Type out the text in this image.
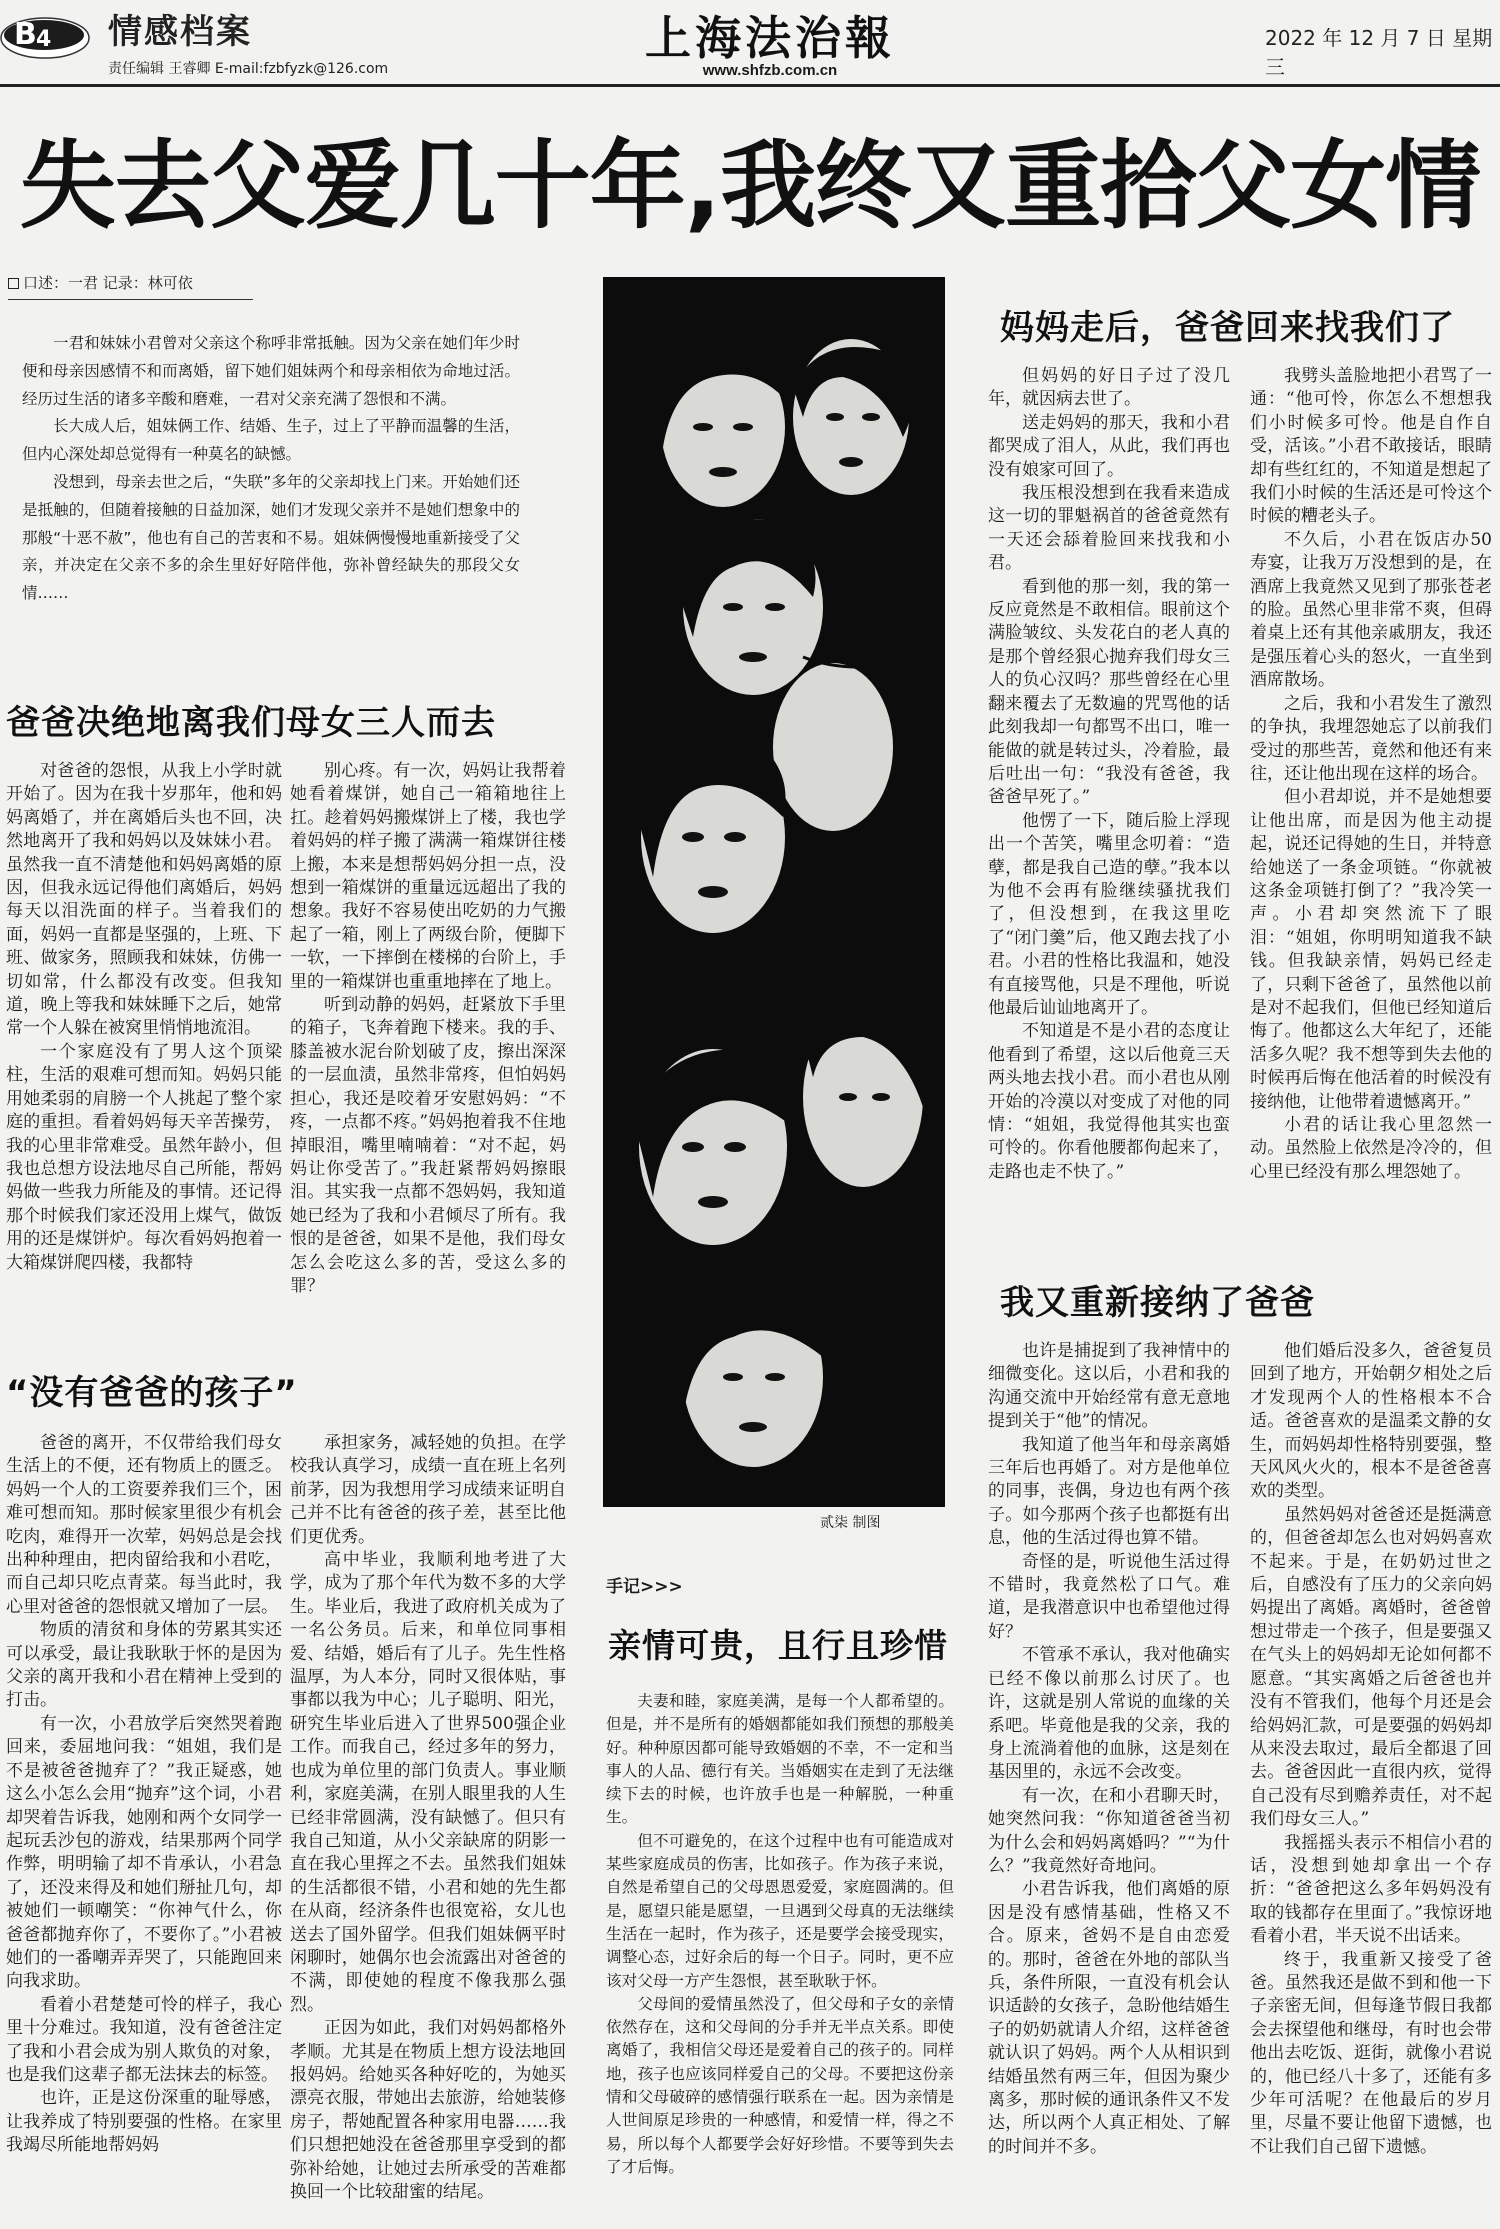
B 4 情感档案
责任编辑 王睿卿 E-mail:fzbfyzk@126.com
上海法治報
www.shfzb.com.cn
2022 年 12 月 7 日 星期三
失去父爱几十年,我终又重拾父女情
口述：一君 记录：林可依

一君和妹妹小君曾对父亲这个称呼非常抵触。因为父亲在她们年少时便和母亲因感情不和而离婚，留下她们姐妹两个和母亲相依为命地过活。经历过生活的诸多辛酸和磨难，一君对父亲充满了怨恨和不满。

长大成人后，姐妹俩工作、结婚、生子，过上了平静而温馨的生活，但内心深处却总觉得有一种莫名的缺憾。

没想到，母亲去世之后，“失联”多年的父亲却找上门来。开始她们还是抵触的，但随着接触的日益加深，她们才发现父亲并不是她们想象中的那般“十恶不赦”，他也有自己的苦衷和不易。姐妹俩慢慢地重新接受了父亲，并决定在父亲不多的余生里好好陪伴他，弥补曾经缺失的那段父女情……

爸爸决绝地离我们母女三人而去

对爸爸的怨恨，从我上小学时就开始了。因为在我十岁那年，他和妈妈离婚了，并在离婚后头也不回，决然地离开了我和妈妈以及妹妹小君。虽然我一直不清楚他和妈妈离婚的原因，但我永远记得他们离婚后，妈妈每天以泪洗面的样子。当着我们的面，妈妈一直都是坚强的，上班、下班、做家务，照顾我和妹妹，仿佛一切如常，什么都没有改变。但我知道，晚上等我和妹妹睡下之后，她常常一个人躲在被窝里悄悄地流泪。

一个家庭没有了男人这个顶梁柱，生活的艰难可想而知。妈妈只能用她柔弱的肩膀一个人挑起了整个家庭的重担。看着妈妈每天辛苦操劳，我的心里非常难受。虽然年龄小，但我也总想方设法地尽自己所能，帮妈妈做一些我力所能及的事情。还记得那个时候我们家还没用上煤气，做饭用的还是煤饼炉。每次看妈妈抱着一大箱煤饼爬四楼，我都特

别心疼。有一次，妈妈让我帮着她看着煤饼，她自己一箱箱地往上扛。趁着妈妈搬煤饼上了楼，我也学着妈妈的样子搬了满满一箱煤饼往楼上搬，本来是想帮妈妈分担一点，没想到一箱煤饼的重量远远超出了我的想象。我好不容易使出吃奶的力气搬起了一箱，刚上了两级台阶，便脚下一软，一下摔倒在楼梯的台阶上，手里的一箱煤饼也重重地摔在了地上。

听到动静的妈妈，赶紧放下手里的箱子，飞奔着跑下楼来。我的手、膝盖被水泥台阶划破了皮，擦出深深的一层血渍，虽然非常疼，但怕妈妈担心，我还是咬着牙安慰妈妈：“不疼，一点都不疼。”妈妈抱着我不住地掉眼泪，嘴里喃喃着：“对不起，妈妈让你受苦了。”我赶紧帮妈妈擦眼泪。其实我一点都不怨妈妈，我知道她已经为了我和小君倾尽了所有。我恨的是爸爸，如果不是他，我们母女怎么会吃这么多的苦，受这么多的罪？

“没有爸爸的孩子”

爸爸的离开，不仅带给我们母女生活上的不便，还有物质上的匮乏。妈妈一个人的工资要养我们三个，困难可想而知。那时候家里很少有机会吃肉，难得开一次荤，妈妈总是会找出种种理由，把肉留给我和小君吃，而自己却只吃点青菜。每当此时，我心里对爸爸的怨恨就又增加了一层。

物质的清贫和身体的劳累其实还可以承受，最让我耿耿于怀的是因为父亲的离开我和小君在精神上受到的打击。

有一次，小君放学后突然哭着跑回来，委屈地问我：“姐姐，我们是不是被爸爸抛弃了？”我正疑惑，她这么小怎么会用“抛弃”这个词，小君却哭着告诉我，她刚和两个女同学一起玩丢沙包的游戏，结果那两个同学作弊，明明输了却不肯承认，小君急了，还没来得及和她们掰扯几句，却被她们一顿嘲笑：“你神气什么，你爸爸都抛弃你了，不要你了。”小君被她们的一番嘲弄弄哭了，只能跑回来向我求助。

看着小君楚楚可怜的样子，我心里十分难过。我知道，没有爸爸注定了我和小君会成为别人欺负的对象，也是我们这辈子都无法抹去的标签。

也许，正是这份深重的耻辱感，让我养成了特别要强的性格。在家里我竭尽所能地帮妈妈

承担家务，减轻她的负担。在学校我认真学习，成绩一直在班上名列前茅，因为我想用学习成绩来证明自己并不比有爸爸的孩子差，甚至比他们更优秀。

高中毕业，我顺利地考进了大学，成为了那个年代为数不多的大学生。毕业后，我进了政府机关成为了一名公务员。后来，和单位同事相爱、结婚，婚后有了儿子。先生性格温厚，为人本分，同时又很体贴，事事都以我为中心；儿子聪明、阳光，研究生毕业后进入了世界500强企业工作。而我自己，经过多年的努力，也成为单位里的部门负责人。事业顺利，家庭美满，在别人眼里我的人生已经非常圆满，没有缺憾了。但只有我自己知道，从小父亲缺席的阴影一直在我心里挥之不去。虽然我们姐妹的生活都很不错，小君和她的先生都在从商，经济条件也很宽裕，女儿也送去了国外留学。但我们姐妹俩平时闲聊时，她偶尔也会流露出对爸爸的不满，即使她的程度不像我那么强烈。

正因为如此，我们对妈妈都格外孝顺。尤其是在物质上想方设法地回报妈妈。给她买各种好吃的，为她买漂亮衣服，带她出去旅游，给她装修房子，帮她配置各种家用电器……我们只想把她没在爸爸那里享受到的都弥补给她，让她过去所承受的苦难都换回一个比较甜蜜的结尾。

贰柒 制图
妈妈走后，爸爸回来找我们了

但妈妈的好日子过了没几年，就因病去世了。

送走妈妈的那天，我和小君都哭成了泪人，从此，我们再也没有娘家可回了。

我压根没想到在我看来造成这一切的罪魁祸首的爸爸竟然有一天还会舔着脸回来找我和小君。

看到他的那一刻，我的第一反应竟然是不敢相信。眼前这个满脸皱纹、头发花白的老人真的是那个曾经狠心抛弃我们母女三人的负心汉吗？那些曾经在心里翻来覆去了无数遍的咒骂他的话此刻我却一句都骂不出口，唯一能做的就是转过头，冷着脸，最后吐出一句：“我没有爸爸，我爸爸早死了。”

他愣了一下，随后脸上浮现出一个苦笑，嘴里念叨着：“造孽，都是我自己造的孽。”我本以为他不会再有脸继续骚扰我们了，但没想到，在我这里吃了“闭门羹”后，他又跑去找了小君。小君的性格比我温和，她没有直接骂他，只是不理他，听说他最后讪讪地离开了。

不知道是不是小君的态度让他看到了希望，这以后他竟三天两头地去找小君。而小君也从刚开始的冷漠以对变成了对他的同情：“姐姐，我觉得他其实也蛮可怜的。你看他腰都佝起来了，走路也走不快了。”

我劈头盖脸地把小君骂了一通：“他可怜，你怎么不想想我们小时候多可怜。他是自作自受，活该。”小君不敢接话，眼睛却有些红红的，不知道是想起了我们小时候的生活还是可怜这个时候的糟老头子。

不久后，小君在饭店办50寿宴，让我万万没想到的是，在酒席上我竟然又见到了那张苍老的脸。虽然心里非常不爽，但碍着桌上还有其他亲戚朋友，我还是强压着心头的怒火，一直坐到酒席散场。

之后，我和小君发生了激烈的争执，我埋怨她忘了以前我们受过的那些苦，竟然和他还有来往，还让他出现在这样的场合。

但小君却说，并不是她想要让他出席，而是因为他主动提起，说还记得她的生日，并特意给她送了一条金项链。“你就被这条金项链打倒了？”我冷笑一声。小君却突然流下了眼泪：“姐姐，你明明知道我不缺钱。但我缺亲情，妈妈已经走了，只剩下爸爸了，虽然他以前是对不起我们，但他已经知道后悔了。他都这么大年纪了，还能活多久呢？我不想等到失去他的时候再后悔在他活着的时候没有接纳他，让他带着遗憾离开。”

小君的话让我心里忽然一动。虽然脸上依然是冷冷的，但心里已经没有那么埋怨她了。

我又重新接纳了爸爸

也许是捕捉到了我神情中的细微变化。这以后，小君和我的沟通交流中开始经常有意无意地提到关于“他”的情况。

我知道了他当年和母亲离婚三年后也再婚了。对方是他单位的同事，丧偶，身边也有两个孩子。如今那两个孩子也都挺有出息，他的生活过得也算不错。

奇怪的是，听说他生活过得不错时，我竟然松了口气。难道，是我潜意识中也希望他过得好？

不管承不承认，我对他确实已经不像以前那么讨厌了。也许，这就是别人常说的血缘的关系吧。毕竟他是我的父亲，我的身上流淌着他的血脉，这是刻在基因里的，永远不会改变。

有一次，在和小君聊天时，她突然问我：“你知道爸爸当初为什么会和妈妈离婚吗？”“为什么？”我竟然好奇地问。

小君告诉我，他们离婚的原因是没有感情基础，性格又不合。原来，爸妈不是自由恋爱的。那时，爸爸在外地的部队当兵，条件所限，一直没有机会认识适龄的女孩子，急盼他结婚生子的奶奶就请人介绍，这样爸爸就认识了妈妈。两个人从相识到结婚虽然有两三年，但因为聚少离多，那时候的通讯条件又不发达，所以两个人真正相处、了解的时间并不多。

他们婚后没多久，爸爸复员回到了地方，开始朝夕相处之后才发现两个人的性格根本不合适。爸爸喜欢的是温柔文静的女生，而妈妈却性格特别要强，整天风风火火的，根本不是爸爸喜欢的类型。

虽然妈妈对爸爸还是挺满意的，但爸爸却怎么也对妈妈喜欢不起来。于是，在奶奶过世之后，自感没有了压力的父亲向妈妈提出了离婚。离婚时，爸爸曾想过带走一个孩子，但是要强又在气头上的妈妈却无论如何都不愿意。“其实离婚之后爸爸也并没有不管我们，他每个月还是会给妈妈汇款，可是要强的妈妈却从来没去取过，最后全都退了回去。爸爸因此一直很内疚，觉得自己没有尽到赡养责任，对不起我们母女三人。”

我摇摇头表示不相信小君的话，没想到她却拿出一个存折：“爸爸把这么多年妈妈没有取的钱都存在里面了。”我惊讶地看着小君，半天说不出话来。

终于，我重新又接受了爸爸。虽然我还是做不到和他一下子亲密无间，但每逢节假日我都会去探望他和继母，有时也会带他出去吃饭、逛街，就像小君说的，他已经八十多了，还能有多少年可活呢？在他最后的岁月里，尽量不要让他留下遗憾，也不让我们自己留下遗憾。

手记>>>
亲情可贵，且行且珍惜

夫妻和睦，家庭美满，是每一个人都希望的。但是，并不是所有的婚姻都能如我们预想的那般美好。种种原因都可能导致婚姻的不幸，不一定和当事人的人品、德行有关。当婚姻实在走到了无法继续下去的时候，也许放手也是一种解脱，一种重生。

但不可避免的，在这个过程中也有可能造成对某些家庭成员的伤害，比如孩子。作为孩子来说，自然是希望自己的父母恩恩爱爱，家庭圆满的。但是，愿望只能是愿望，一旦遇到父母真的无法继续生活在一起时，作为孩子，还是要学会接受现实，调整心态，过好余后的每一个日子。同时，更不应该对父母一方产生怨恨，甚至耿耿于怀。

父母间的爱情虽然没了，但父母和子女的亲情依然存在，这和父母间的分手并无半点关系。即使离婚了，我相信父母还是爱着自己的孩子的。同样地，孩子也应该同样爱自己的父母。不要把这份亲情和父母破碎的感情强行联系在一起。因为亲情是人世间原足珍贵的一种感情，和爱情一样，得之不易，所以每个人都要学会好好珍惜。不要等到失去了才后悔。
